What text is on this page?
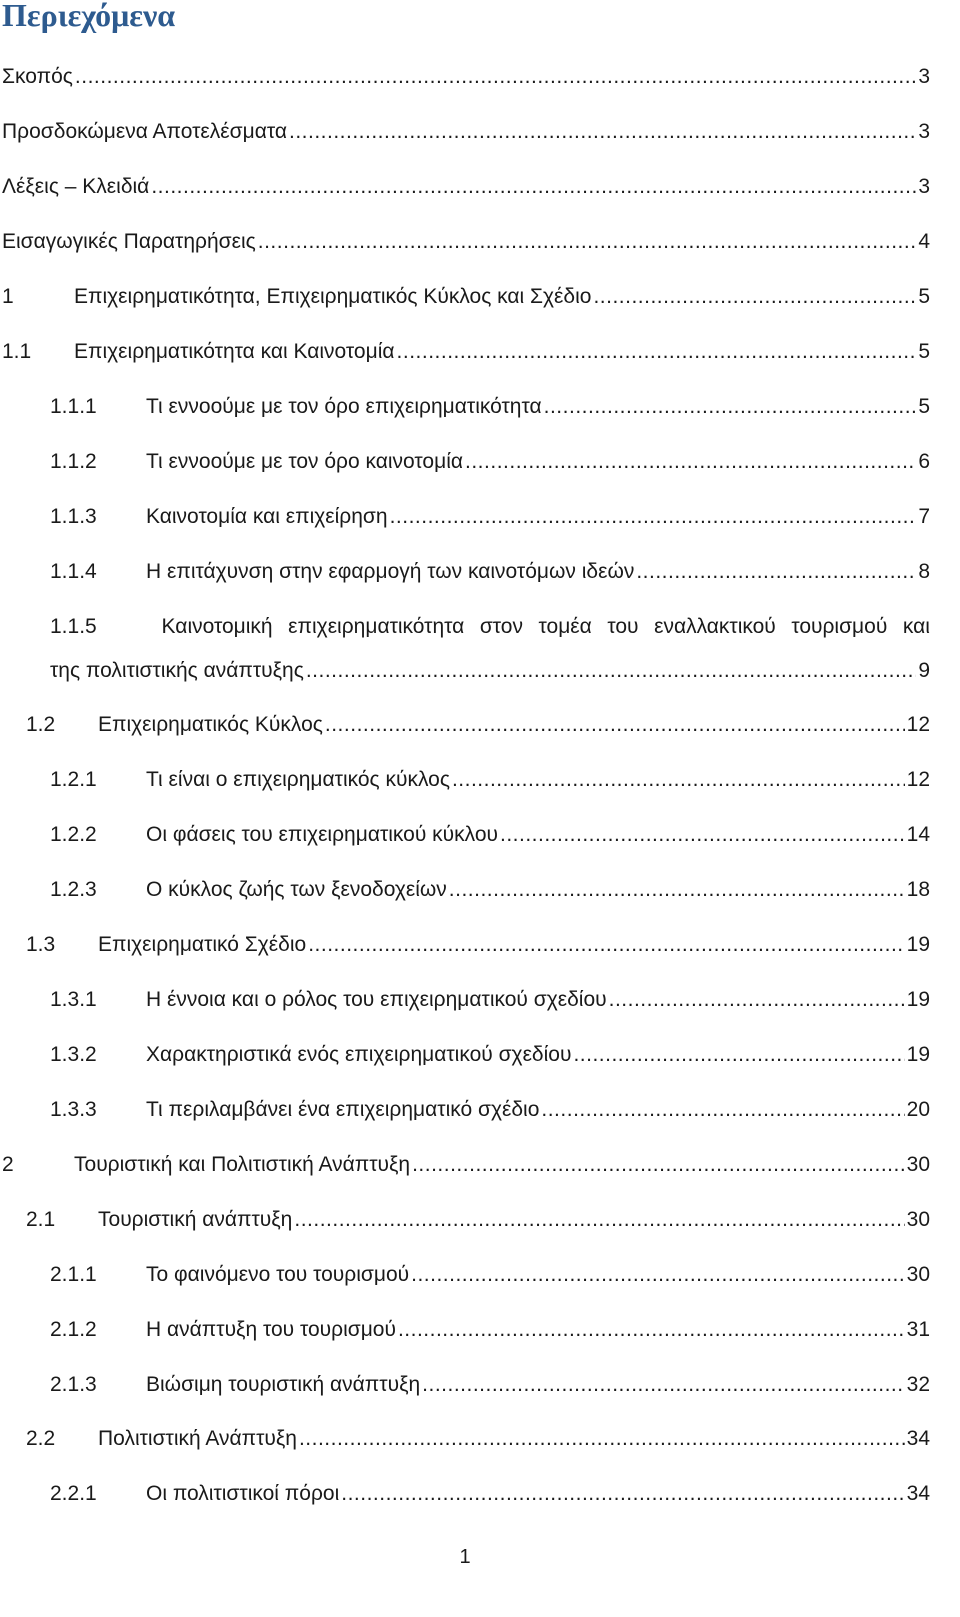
Περιεχόμενα
Σκοπός .....	3
Προσδοκώμενα Αποτελέσματα .....	3
Λέξεις – Κλειδιά .....	3
Εισαγωγικές Παρατηρήσεις .....	4
1	Επιχειρηματικότητα, Επιχειρηματικός Κύκλος και Σχέδιο .....	5
1.1	Επιχειρηματικότητα και Καινοτομία .....	5
1.1.1	Τι εννοούμε με τον όρο επιχειρηματικότητα .....	5
1.1.2	Τι εννοούμε με τον όρο καινοτομία .....	6
1.1.3	Καινοτομία και επιχείρηση .....	7
1.1.4	Η επιτάχυνση στην εφαρμογή των καινοτόμων ιδεών .....	8
1.1.5	Καινοτομική επιχειρηματικότητα στον τομέα του εναλλακτικού τουρισμού και
της πολιτιστικής ανάπτυξης .....	9
1.2	Επιχειρηματικός Κύκλος .....	12
1.2.1	Τι είναι ο επιχειρηματικός κύκλος .....	12
1.2.2	Οι φάσεις του επιχειρηματικού κύκλου .....	14
1.2.3	Ο κύκλος ζωής των ξενοδοχείων .....	18
1.3	Επιχειρηματικό Σχέδιο .....	19
1.3.1	Η έννοια και ο ρόλος του επιχειρηματικού σχεδίου .....	19
1.3.2	Χαρακτηριστικά ενός επιχειρηματικού σχεδίου .....	19
1.3.3	Τι περιλαμβάνει ένα επιχειρηματικό σχέδιο .....	20
2	Τουριστική και Πολιτιστική Ανάπτυξη .....	30
2.1	Τουριστική ανάπτυξη .....	30
2.1.1	Το φαινόμενο του τουρισμού .....	30
2.1.2	Η ανάπτυξη του τουρισμού .....	31
2.1.3	Βιώσιμη τουριστική ανάπτυξη .....	32
2.2	Πολιτιστική Ανάπτυξη .....	34
2.2.1	Οι πολιτιστικοί πόροι .....	34
1
